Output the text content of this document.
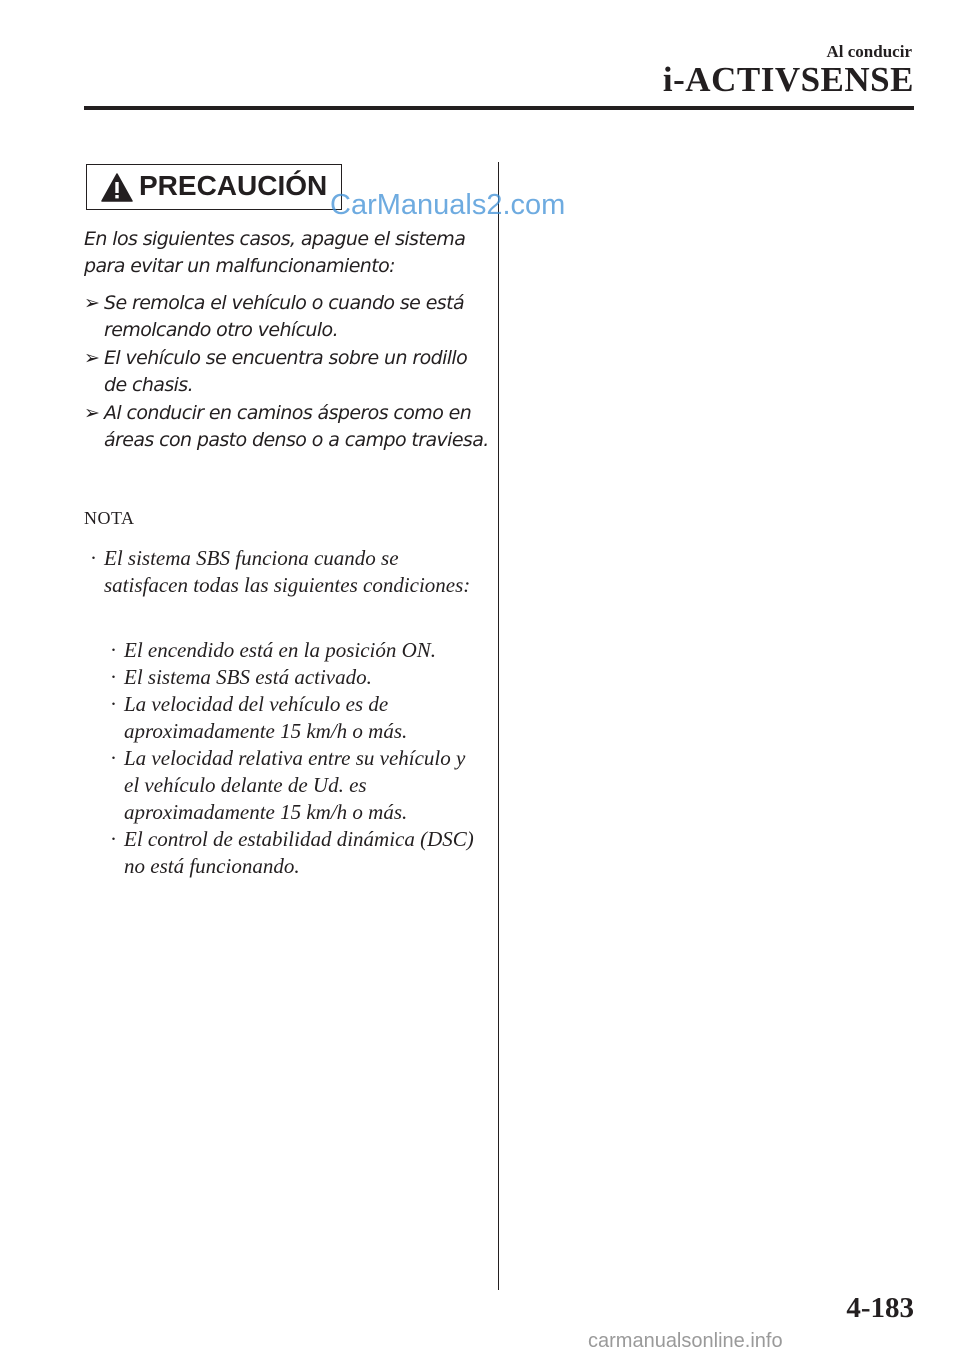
Al conducir
i-ACTIVSENSE
PRECAUCIÓN
CarManuals2.com
En los siguientes casos, apague el sistema para evitar un malfuncionamiento:
➢ Se remolca el vehículo o cuando se está remolcando otro vehículo.
➢ El vehículo se encuentra sobre un rodillo de chasis.
➢ Al conducir en caminos ásperos como en áreas con pasto denso o a campo traviesa.
NOTA
· El sistema SBS funciona cuando se satisfacen todas las siguientes condiciones:
· El encendido está en la posición ON.
· El sistema SBS está activado.
· La velocidad del vehículo es de aproximadamente 15 km/h o más.
· La velocidad relativa entre su vehículo y el vehículo delante de Ud. es aproximadamente 15 km/h o más.
· El control de estabilidad dinámica (DSC) no está funcionando.
4-183
carmanualsonline.info
